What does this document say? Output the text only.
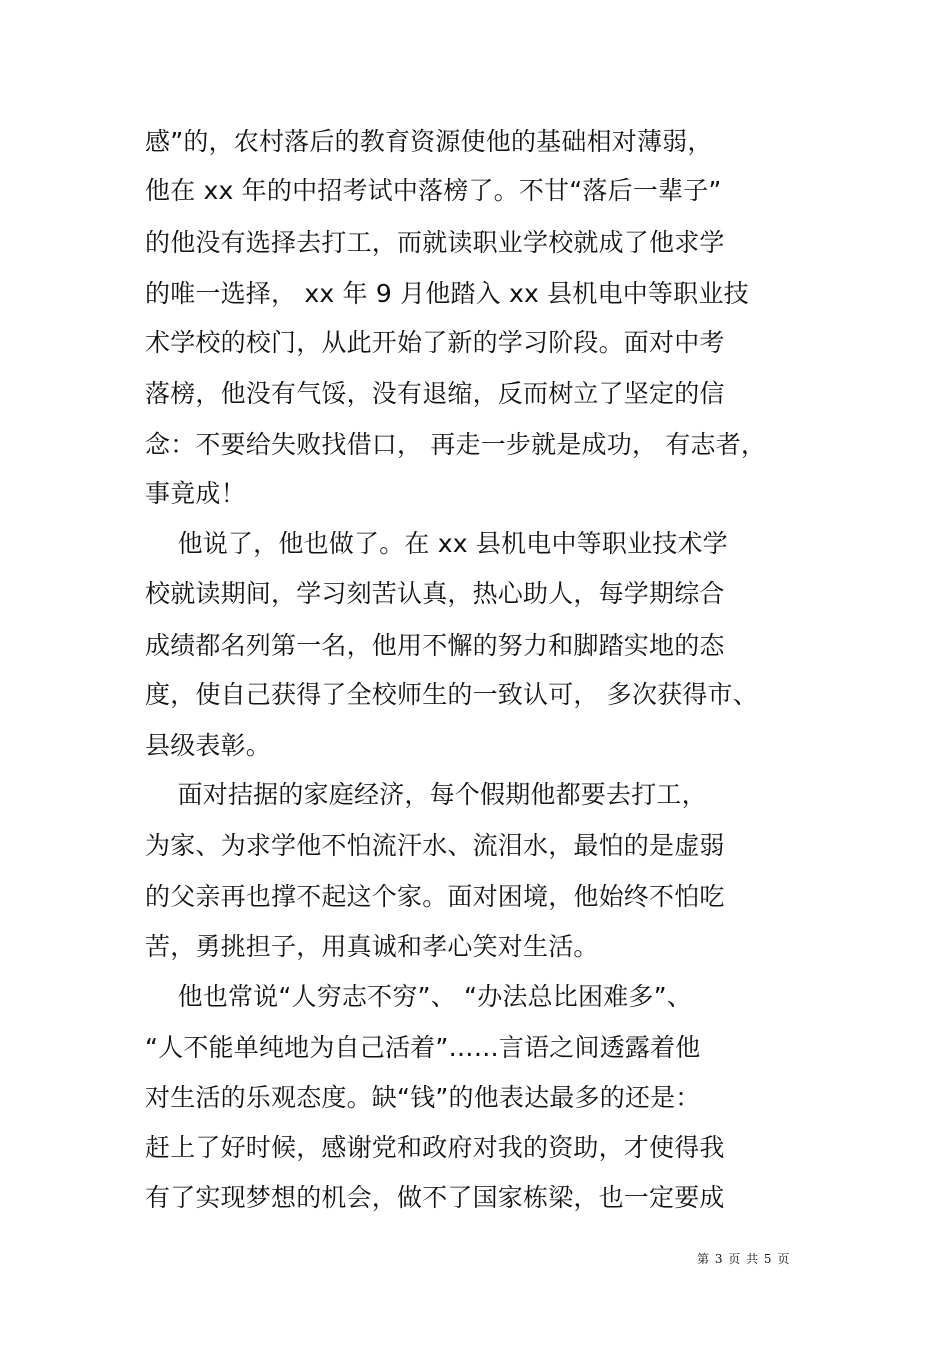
感”的，农村落后的教育资源使他的基础相对薄弱，
他在 xx 年的中招考试中落榜了。不甘“落后一辈子”
的他没有选择去打工，而就读职业学校就成了他求学
的唯一选择， xx 年 9 月他踏入 xx 县机电中等职业技
术学校的校门，从此开始了新的学习阶段。面对中考
落榜，他没有气馁，没有退缩，反而树立了坚定的信
念：不要给失败找借口， 再走一步就是成功， 有志者，
事竟成！
他说了，他也做了。在 xx 县机电中等职业技术学
校就读期间，学习刻苦认真，热心助人，每学期综合
成绩都名列第一名，他用不懈的努力和脚踏实地的态
度，使自己获得了全校师生的一致认可， 多次获得市、
县级表彰。
面对拮据的家庭经济，每个假期他都要去打工，
为家、为求学他不怕流汗水、流泪水，最怕的是虚弱
的父亲再也撑不起这个家。面对困境，他始终不怕吃
苦，勇挑担子，用真诚和孝心笑对生活。
他也常说“人穷志不穷”、 “办法总比困难多”、
“人不能单纯地为自己活着”……言语之间透露着他
对生活的乐观态度。缺“钱”的他表达最多的还是：
赶上了好时候，感谢党和政府对我的资助，才使得我
有了实现梦想的机会，做不了国家栋梁，也一定要成
第 3 页 共 5 页
